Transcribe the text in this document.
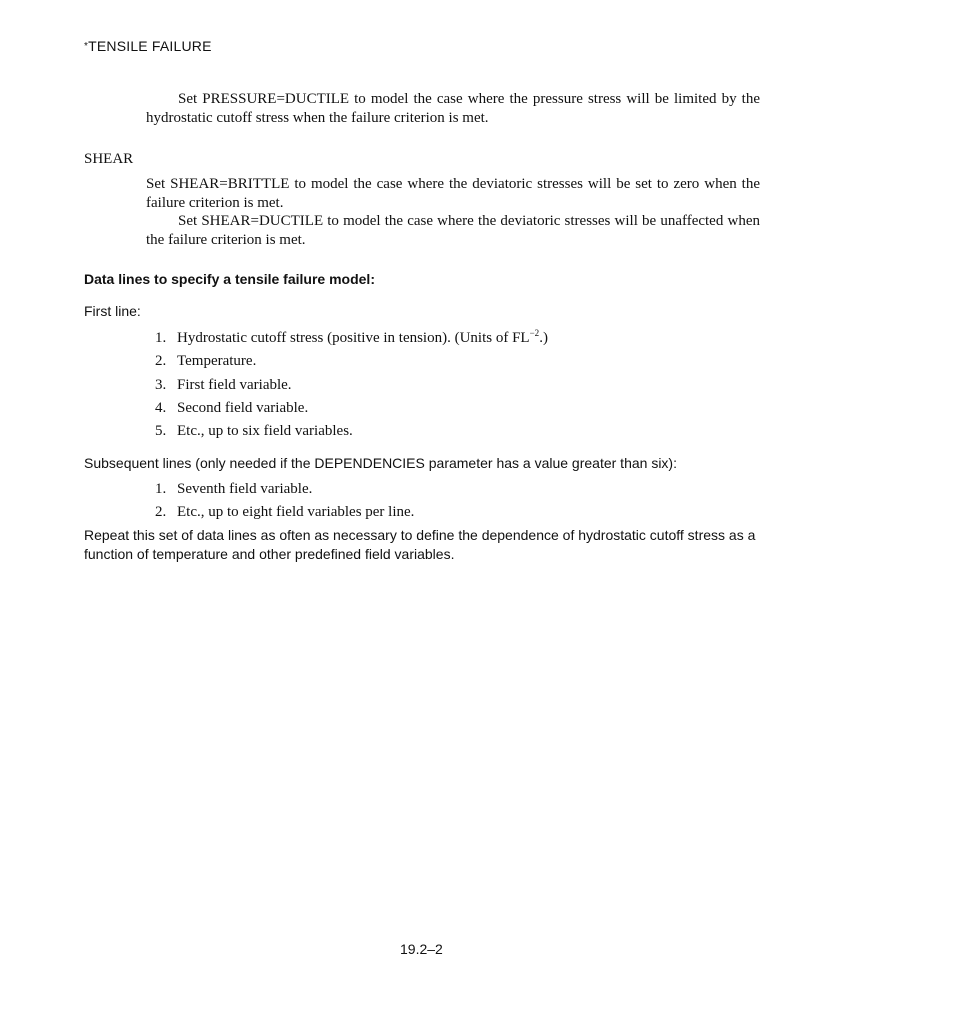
*TENSILE FAILURE

Set PRESSURE=DUCTILE to model the case where the pressure stress will be limited by the hydrostatic cutoff stress when the failure criterion is met.

SHEAR

Set SHEAR=BRITTLE to model the case where the deviatoric stresses will be set to zero when the failure criterion is met.

Set SHEAR=DUCTILE to model the case where the deviatoric stresses will be unaffected when the failure criterion is met.

Data lines to specify a tensile failure model:
First line:
1. Hydrostatic cutoff stress (positive in tension). (Units of $FL^{-2}$.)
2. Temperature.
3. First field variable.
4. Second field variable.
5. Etc., up to six field variables.
Subsequent lines (only needed if the DEPENDENCIES parameter has a value greater than six):
1. Seventh field variable.
2. Etc., up to eight field variables per line.

Repeat this set of data lines as often as necessary to define the dependence of hydrostatic cutoff stress as a function of temperature and other predefined field variables.

19.2–2
